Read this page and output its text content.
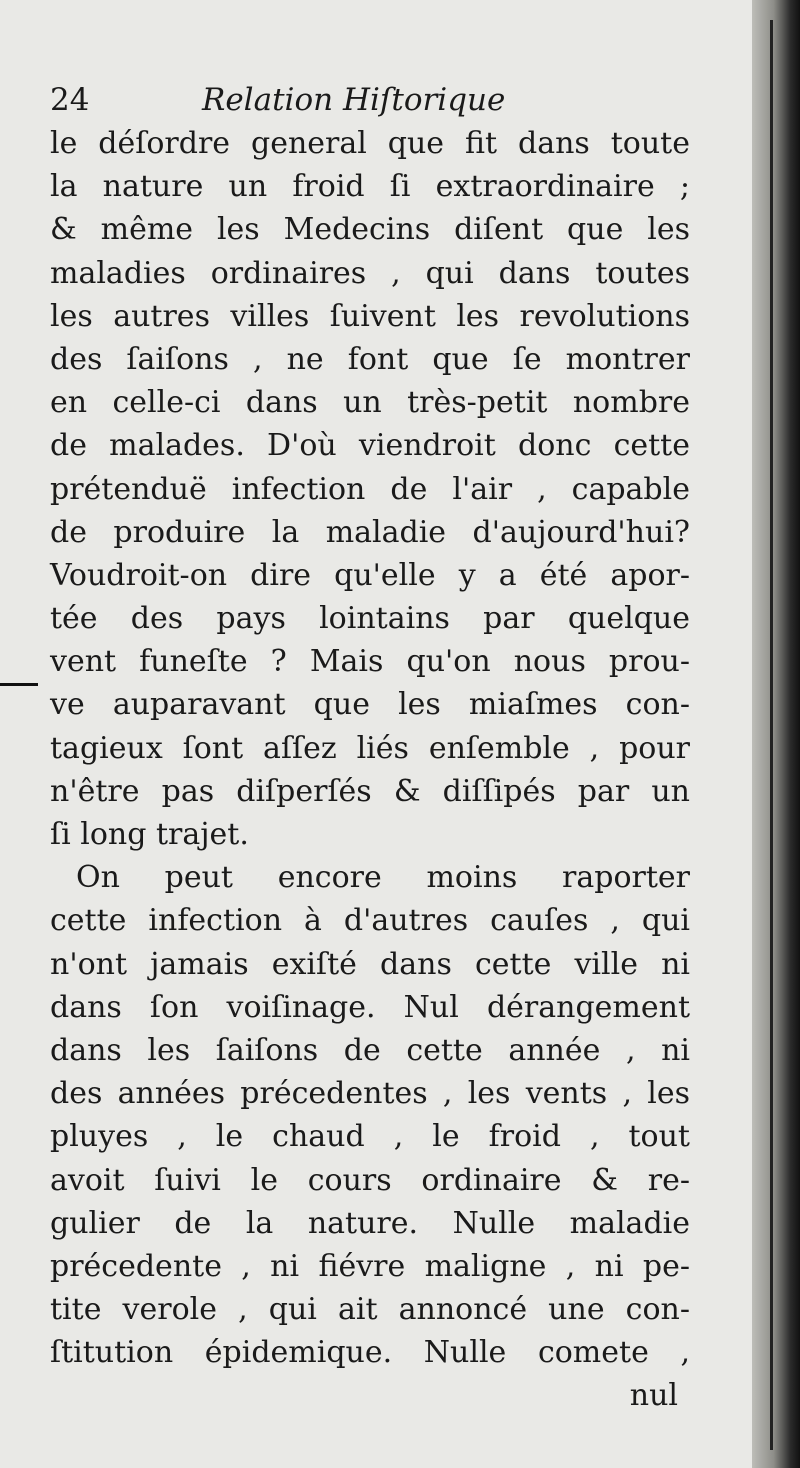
24	Relation Hiſtorique
le déſordre general que fit dans toute
la nature un froid ſi extraordinaire ;
& même les Medecins diſent que les
maladies ordinaires , qui dans toutes
les autres villes ſuivent les revolutions
des ſaiſons , ne font que ſe montrer
en celle-ci dans un très-petit nombre
de malades. D'où viendroit donc cette
prétenduë infection de l'air , capable
de produire la maladie d'aujourd'hui?
Voudroit-on dire qu'elle y a été apor-
tée des pays lointains par quelque
vent funeſte ? Mais qu'on nous prou-
ve auparavant que les miaſmes con-
tagieux ſont aſſez liés enſemble , pour
n'être pas diſperſés & diſſipés par un
ſi long trajet.
On peut encore moins raporter
cette infection à d'autres cauſes , qui
n'ont jamais exiſté dans cette ville ni
dans ſon voiſinage. Nul dérangement
dans les ſaiſons de cette année , ni
des années précedentes , les vents , les
pluyes , le chaud , le froid , tout
avoit ſuivi le cours ordinaire & re-
gulier de la nature. Nulle maladie
précedente , ni fiévre maligne , ni pe-
tite verole , qui ait annoncé une con-
ſtitution épidemique. Nulle comete ,
nul
